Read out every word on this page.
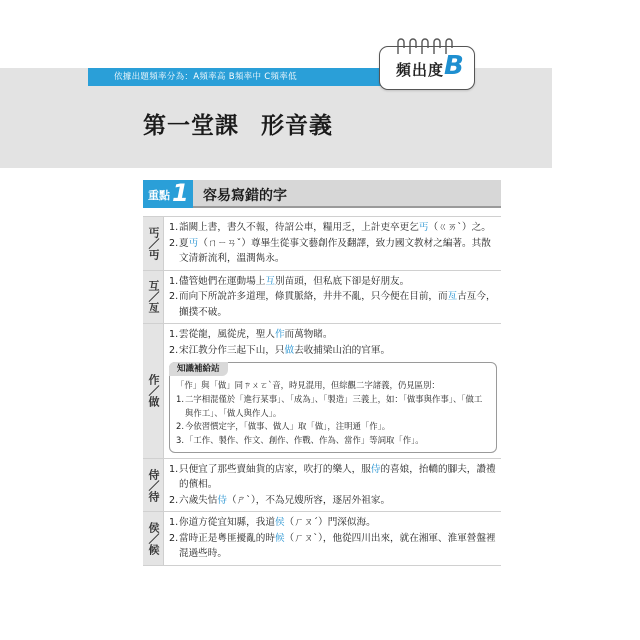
依據出題頻率分為：A頻率高 B頻率中 C頻率低	頻出度 B
第一堂課 形音義
重點 1 容易寫錯的字
丐／丏 1. 詣闕上書，書久不報，待詔公車，糧用乏，上計吏卒更乞丐（ㄍㄞˋ）之。
2. 夏丏（ㄇㄧㄢˇ）尊畢生從事文藝創作及翻譯，致力國文教材之編著。其散文清新流利，溫潤雋永。
互／亙 1. 儘管她們在運動場上互別苗頭，但私底下卻是好朋友。
2. 而向下所說許多道理，條貫脈絡，井井不亂，只今便在目前，而亙古亙今，攧撲不破。
作／做
1. 雲從龍，風從虎，聖人作而萬物睹。
2. 宋江教分作三起下山，只做去收捕梁山泊的官軍。
知識補給站
「作」與「做」同ㄗㄨㄛˋ音，時見混用，但綜觀二字諸義，仍見區別：
1. 二字相混僅於「進行某事」、「成為」、「製造」三義上，如：「做事與作事」、「做工與作工」、「做人與作人」。
2. 今依習慣定字，「做事、做人」取「做」，注明通「作」。
3. 「工作、製作、作文、創作、作戰、作為、當作」等詞取「作」。
侍／待 1. 只便宜了那些賣紬貨的店家，吹打的樂人，服侍的喜娘，抬轎的腳夫，讚禮的儐相。
2. 六歲失怙侍（ㄕˋ），不為兄嫂所容，逐居外祖家。
侯／候 1. 你道方從宜知縣，我道侯（ㄏㄡˊ）門深似海。
2. 當時正是粵匪擾亂的時候（ㄏㄡˋ），他從四川出來，就在湘軍、淮軍營盤裡混過些時。
